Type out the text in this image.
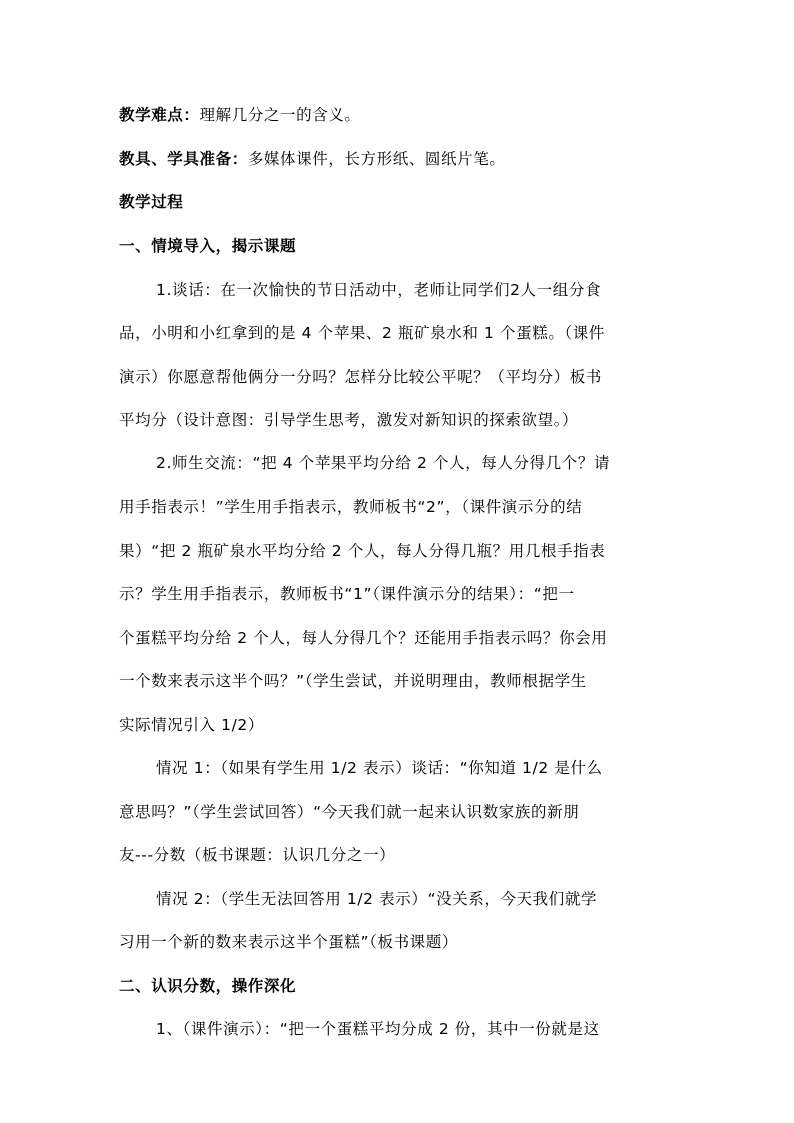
教学难点：理解几分之一的含义。
教具、学具准备：多媒体课件，长方形纸、圆纸片笔。
教学过程
一、情境导入，揭示课题
1.谈话：在一次愉快的节日活动中，老师让同学们2人一组分食
品，小明和小红拿到的是 4 个苹果、2 瓶矿泉水和 1 个蛋糕。（课件
演示）你愿意帮他俩分一分吗？怎样分比较公平呢？（平均分）板书
平均分（设计意图：引导学生思考，激发对新知识的探索欲望。）
2.师生交流：“把 4 个苹果平均分给 2 个人，每人分得几个？请
用手指表示！”学生用手指表示，教师板书“2”，（课件演示分的结
果）“把 2 瓶矿泉水平均分给 2 个人，每人分得几瓶？用几根手指表
示？学生用手指表示，教师板书“1”（课件演示分的结果）：“把一
个蛋糕平均分给 2 个人，每人分得几个？还能用手指表示吗？你会用
一个数来表示这半个吗？”（学生尝试，并说明理由，教师根据学生
实际情况引入 1/2）
情况 1：（如果有学生用 1/2 表示）谈话：“你知道 1/2 是什么
意思吗？”（学生尝试回答）“今天我们就一起来认识数家族的新朋
友---分数（板书课题：认识几分之一）
情况 2：（学生无法回答用 1/2 表示）“没关系，今天我们就学
习用一个新的数来表示这半个蛋糕”（板书课题）
二、认识分数，操作深化
1、（课件演示）：“把一个蛋糕平均分成 2 份，其中一份就是这
